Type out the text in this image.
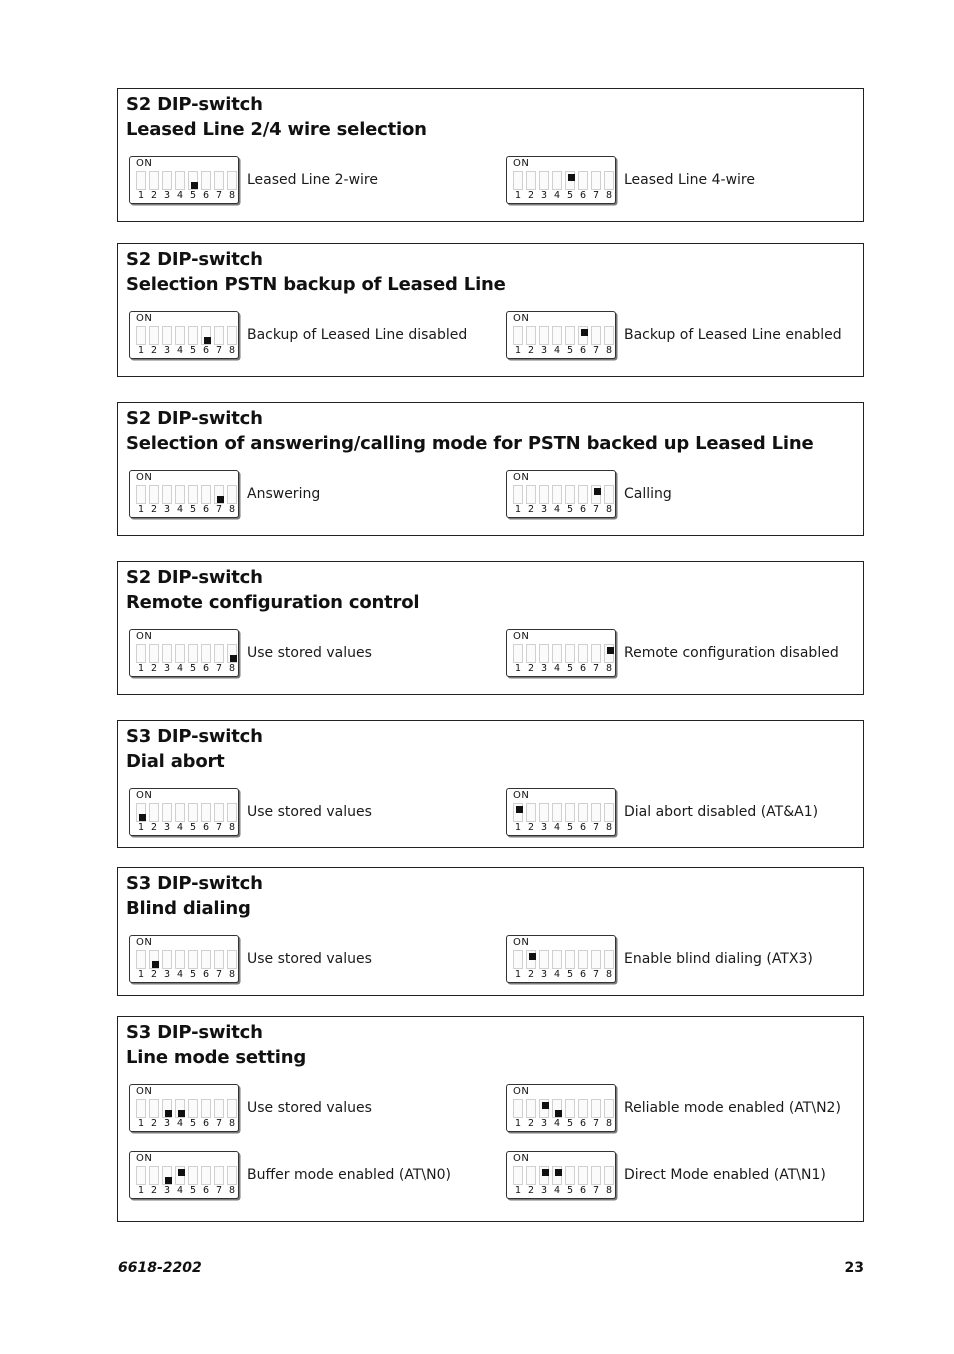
S2 DIP-switch
Leased Line 2/4 wire selection
ON
1 2 3 4 5 6 7 8
Leased Line 2-wire
ON
1 2 3 4 5 6 7 8
Leased Line 4-wire
S2 DIP-switch
Selection PSTN backup of Leased Line
ON
1 2 3 4 5 6 7 8
Backup of Leased Line disabled
ON
1 2 3 4 5 6 7 8
Backup of Leased Line enabled
S2 DIP-switch
Selection of answering/calling mode for PSTN backed up Leased Line
ON
1 2 3 4 5 6 7 8
Answering
ON
1 2 3 4 5 6 7 8
Calling
S2 DIP-switch
Remote configuration control
ON
1 2 3 4 5 6 7 8
Use stored values
ON
1 2 3 4 5 6 7 8
Remote configuration disabled
S3 DIP-switch
Dial abort
ON
1 2 3 4 5 6 7 8
Use stored values
ON
1 2 3 4 5 6 7 8
Dial abort disabled (AT&A1)
S3 DIP-switch
Blind dialing
ON
1 2 3 4 5 6 7 8
Use stored values
ON
1 2 3 4 5 6 7 8
Enable blind dialing (ATX3)
S3 DIP-switch
Line mode setting
ON
1 2 3 4 5 6 7 8
Use stored values
ON
1 2 3 4 5 6 7 8
Reliable mode enabled (AT\N2)
ON
1 2 3 4 5 6 7 8
Buffer mode enabled (AT\N0)
ON
1 2 3 4 5 6 7 8
Direct Mode enabled (AT\N1)
6618-2202	23
